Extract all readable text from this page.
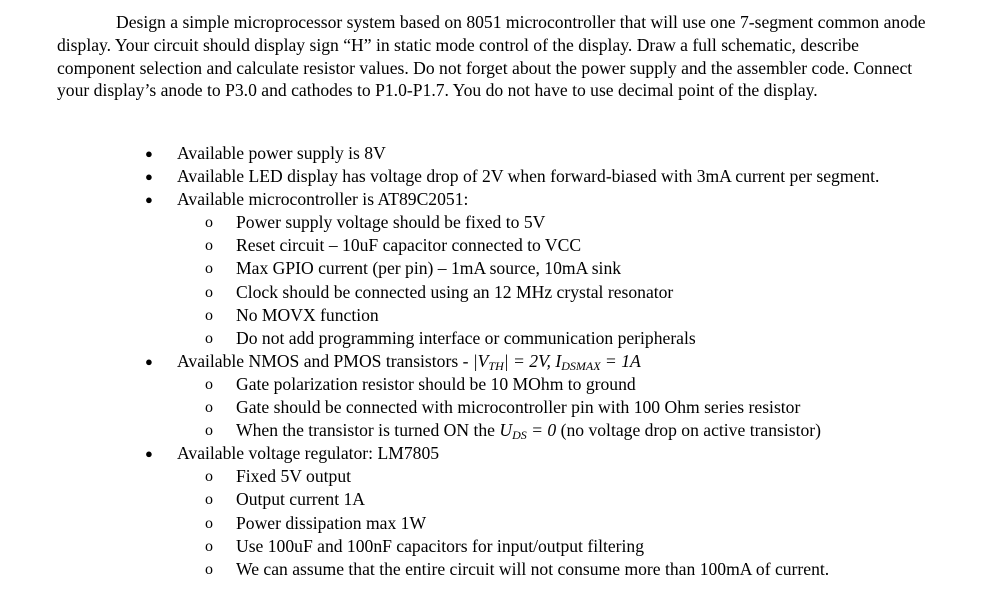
Design a simple microprocessor system based on 8051 microcontroller that will use one 7-segment common anode display. Your circuit should display sign “H” in static mode control of the display. Draw a full schematic, describe component selection and calculate resistor values. Do not forget about the power supply and the assembler code. Connect your display’s anode to P3.0 and cathodes to P1.0-P1.7. You do not have to use decimal point of the display.

● Available power supply is 8V
● Available LED display has voltage drop of 2V when forward-biased with 3mA current per segment.
● Available microcontroller is AT89C2051:
o Power supply voltage should be fixed to 5V
o Reset circuit – 10uF capacitor connected to VCC
o Max GPIO current (per pin) – 1mA source, 10mA sink
o Clock should be connected using an 12 MHz crystal resonator
o No MOVX function
o Do not add programming interface or communication peripherals
● Available NMOS and PMOS transistors - $|V_{TH}| = 2V$, $I_{DSMAX} = 1A$
o Gate polarization resistor should be 10 MOhm to ground
o Gate should be connected with microcontroller pin with 100 Ohm series resistor
o When the transistor is turned ON the $U_{DS} = 0$ (no voltage drop on active transistor)
● Available voltage regulator: LM7805
o Fixed 5V output
o Output current 1A
o Power dissipation max 1W
o Use 100uF and 100nF capacitors for input/output filtering
o We can assume that the entire circuit will not consume more than 100mA of current.
